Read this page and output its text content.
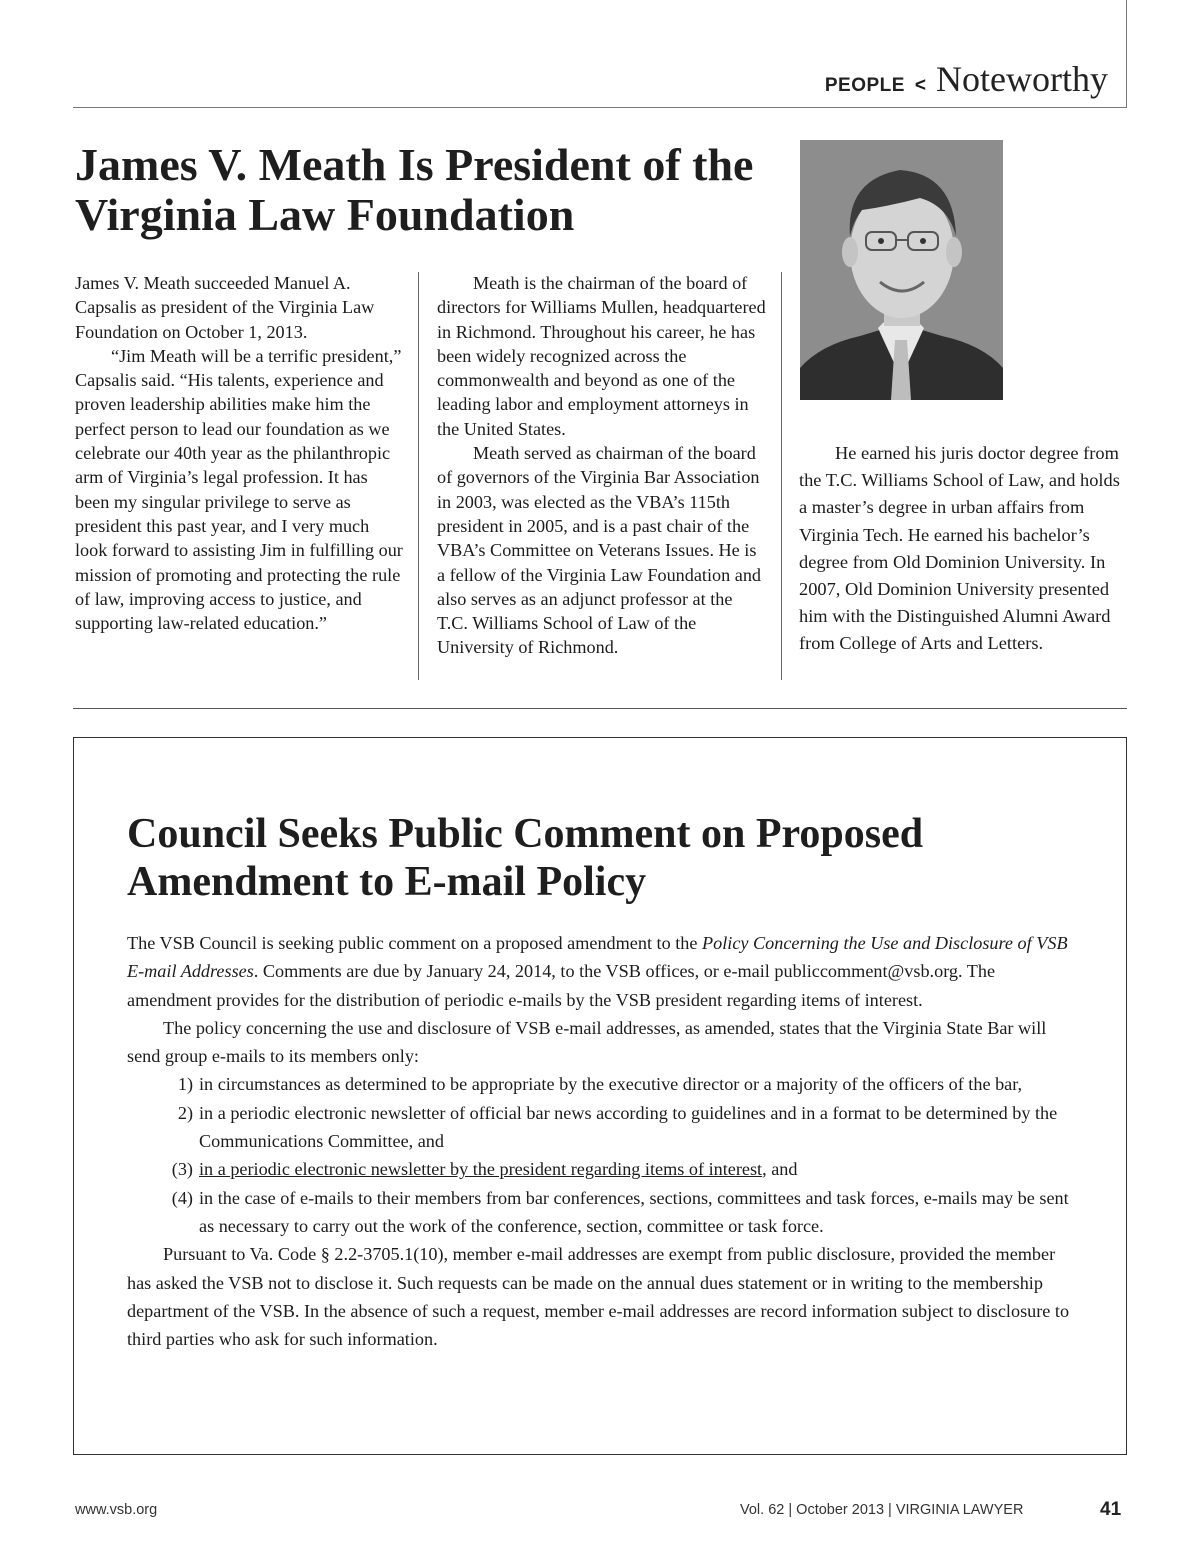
PEOPLE < Noteworthy
James V. Meath Is President of the Virginia Law Foundation

James V. Meath succeeded Manuel A. Capsalis as president of the Virginia Law Foundation on October 1, 2013.

“Jim Meath will be a terrific president,” Capsalis said. “His talents, experience and proven leadership abilities make him the perfect person to lead our foundation as we celebrate our 40th year as the philanthropic arm of Virginia’s legal profession. It has been my singular privilege to serve as president this past year, and I very much look forward to assisting Jim in fulfilling our mission of promoting and protecting the rule of law, improving access to justice, and supporting law-related education.”

Meath is the chairman of the board of directors for Williams Mullen, headquartered in Richmond. Throughout his career, he has been widely recognized across the commonwealth and beyond as one of the leading labor and employment attorneys in the United States.

Meath served as chairman of the board of governors of the Virginia Bar Association in 2003, was elected as the VBA’s 115th president in 2005, and is a past chair of the VBA’s Committee on Veterans Issues. He is a fellow of the Virginia Law Foundation and also serves as an adjunct professor at the T.C. Williams School of Law of the University of Richmond.

He earned his juris doctor degree from the T.C. Williams School of Law, and holds a master’s degree in urban affairs from Virginia Tech. He earned his bachelor’s degree from Old Dominion University. In 2007, Old Dominion University presented him with the Distinguished Alumni Award from College of Arts and Letters.

Council Seeks Public Comment on Proposed Amendment to E-mail Policy

The VSB Council is seeking public comment on a proposed amendment to the Policy Concerning the Use and Disclosure of VSB E-mail Addresses. Comments are due by January 24, 2014, to the VSB offices, or e-mail publiccomment@vsb.org. The amendment provides for the distribution of periodic e-mails by the VSB president regarding items of interest.

The policy concerning the use and disclosure of VSB e-mail addresses, as amended, states that the Virginia State Bar will send group e-mails to its members only:

1) in circumstances as determined to be appropriate by the executive director or a majority of the officers of the bar,
2) in a periodic electronic newsletter of official bar news according to guidelines and in a format to be determined by the Communications Committee, and
(3) in a periodic electronic newsletter by the president regarding items of interest, and
(4) in the case of e-mails to their members from bar conferences, sections, committees and task forces, e-mails may be sent as necessary to carry out the work of the conference, section, committee or task force.

Pursuant to Va. Code § 2.2-3705.1(10), member e-mail addresses are exempt from public disclosure, provided the member has asked the VSB not to disclose it. Such requests can be made on the annual dues statement or in writing to the membership department of the VSB. In the absence of such a request, member e-mail addresses are record information subject to disclosure to third parties who ask for such information.

www.vsb.org	Vol. 62 | October 2013 | VIRGINIA LAWYER	41
